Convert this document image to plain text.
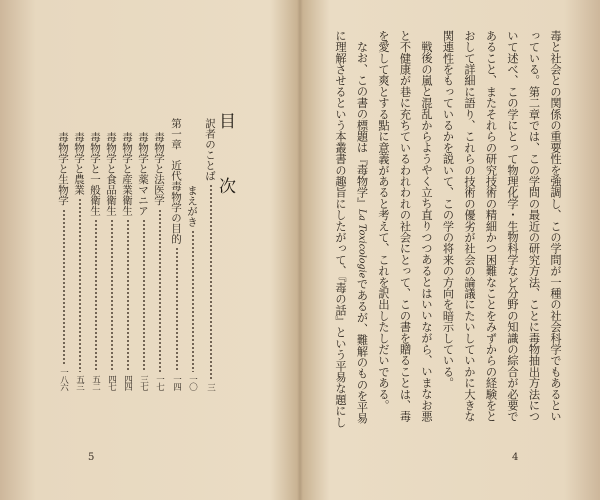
目 次
訳者のことば
三
まえがき
一〇
第一章　近代毒物学の目的
一四
毒物学と法医学
一七
毒物学と薬マニア
三七
毒物学と産業衛生
四四
毒物学と食品衛生
四七
毒物学と一般衛生
五二
毒物学と農業
五三
毒物学と生物学
一八六
5

毒と社会との関係の重要性を強調し、この学問が一種の社会科学でもあるといっている。第二章では、この学問の最近の研究方法、ことに毒物抽出方法について述べ、この学にとって物理化学・生物科学など分野の知識の綜合が必要であること、またそれらの研究技術の精細かつ困難なことをみずからの経験をとおして詳細に語り、これらの技術の優劣が社会の論議にたいしていかに大きな関連性をもっているかを説いて、この学の将来の方向を暗示している。

戦後の嵐と混乱からようやく立ち直りつつあるとはいいながら、いまなお悪と不健康が巷に充ちているわれわれの社会にとって、この書を贈ることは、毒を愛して爽とする點に意義があると考えて、これを訳出したしだいである。

なお、この書の標題は『毒物学』La Toxicologieであるが、難解のものを平易に理解させるという本叢書の趣旨にしたがって、『毒の話』という平易な題にし

4
